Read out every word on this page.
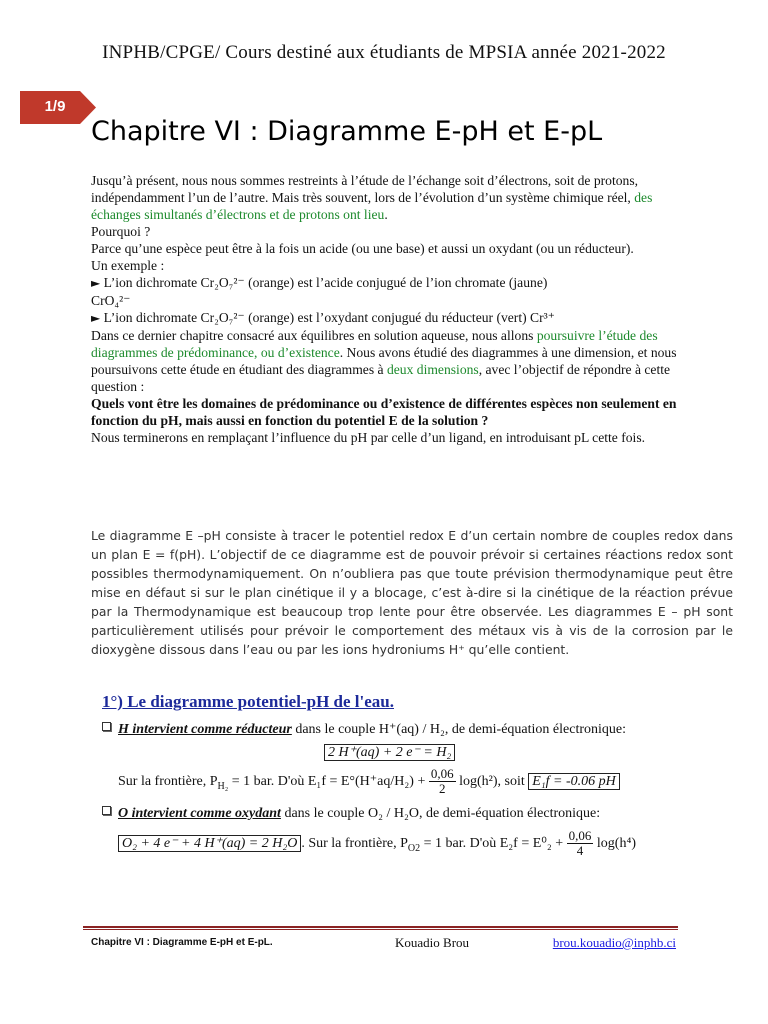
INPHB/CPGE/ Cours destiné aux étudiants de MPSIA année 2021-2022
1/9
Chapitre VI : Diagramme E-pH et E-pL

Jusqu’à présent, nous nous sommes restreints à l’étude de l’échange soit d’électrons, soit de protons, indépendamment l’un de l’autre. Mais très souvent, lors de l’évolution d’un système chimique réel, des échanges simultanés d’électrons et de protons ont lieu.

Pourquoi ?

Parce qu’une espèce peut être à la fois un acide (ou une base) et aussi un oxydant (ou un réducteur).

Un exemple :

► L’ion dichromate Cr₂O₇²⁻ (orange) est l’acide conjugué de l’ion chromate (jaune)
CrO₄²⁻

► L’ion dichromate Cr₂O₇²⁻ (orange) est l’oxydant conjugué du réducteur (vert) Cr³⁺

Dans ce dernier chapitre consacré aux équilibres en solution aqueuse, nous allons poursuivre l’étude des diagrammes de prédominance, ou d’existence. Nous avons étudié des diagrammes à une dimension, et nous poursuivons cette étude en étudiant des diagrammes à deux dimensions, avec l’objectif de répondre à cette question :

Quels vont être les domaines de prédominance ou d’existence de différentes espèces non seulement en fonction du pH, mais aussi en fonction du potentiel E de la solution ?

Nous terminerons en remplaçant l’influence du pH par celle d’un ligand, en introduisant pL cette fois.

Le diagramme E –pH consiste à tracer le potentiel redox E d’un certain nombre de couples redox dans un plan E = f(pH). L’objectif de ce diagramme est de pouvoir prévoir si certaines réactions redox sont possibles thermodynamiquement. On n’oubliera pas que toute prévision thermodynamique peut être mise en défaut si sur le plan cinétique il y a blocage, c’est à-dire si la cinétique de la réaction prévue par la Thermodynamique est beaucoup trop lente pour être observée. Les diagrammes E – pH sont particulièrement utilisés pour prévoir le comportement des métaux vis à vis de la corrosion par le dioxygène dissous dans l’eau ou par les ions hydroniums H⁺ qu’elle contient.

1°) Le diagramme potentiel-pH de l'eau.
H intervient comme réducteur dans le couple H⁺(aq) / H₂, de demi-équation électronique:
2 H⁺(aq) + 2 e⁻ = H₂
Sur la frontière, $P_{H_2} = 1$ bar. D'où $E_1f = E^\circ(H^+aq/H_2) + \frac{0,06}{2} \log(h^2)$, soit E₁f = -0.06 pH
O intervient comme oxydant dans le couple O₂ / H₂O, de demi-équation électronique:
O₂ + 4 e⁻ + 4 H⁺(aq) = 2 H₂O . Sur la frontière, $P_{O2} = 1$ bar. D'où $E_2f = E^0_2 + \frac{0,06}{4} \log(h^4)$
Chapitre VI : Diagramme E-pH et E-pL.	Kouadio Brou	brou.kouadio@inphb.ci
